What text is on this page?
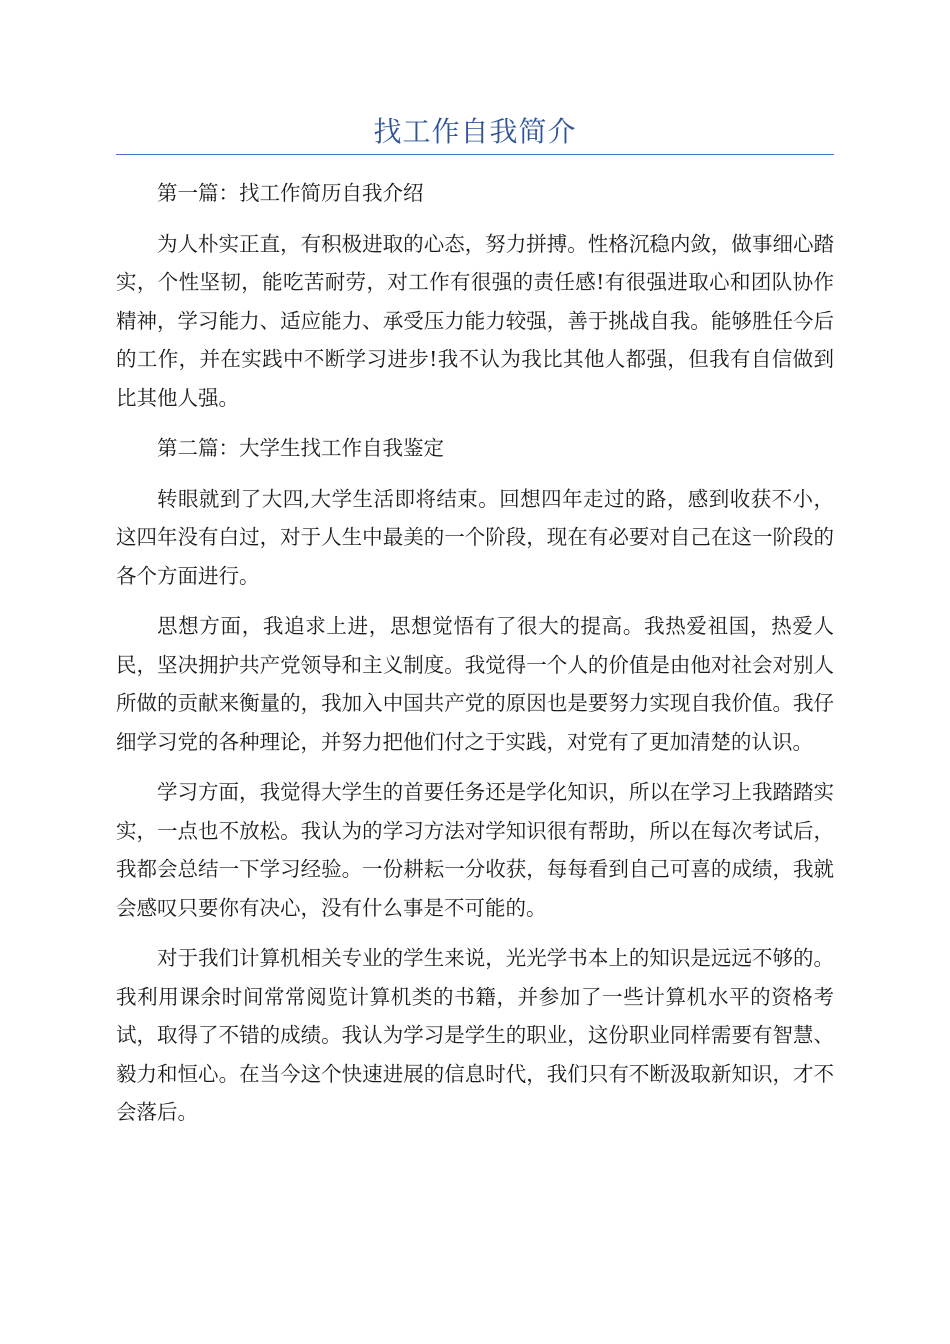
找工作自我简介

第一篇：找工作简历自我介绍

为人朴实正直，有积极进取的心态，努力拼搏。性格沉稳内敛，做事细心踏实，个性坚韧，能吃苦耐劳，对工作有很强的责任感!有很强进取心和团队协作精神，学习能力、适应能力、承受压力能力较强，善于挑战自我。能够胜任今后的工作，并在实践中不断学习进步!我不认为我比其他人都强，但我有自信做到比其他人强。

第二篇：大学生找工作自我鉴定

转眼就到了大四,大学生活即将结束。回想四年走过的路，感到收获不小，这四年没有白过，对于人生中最美的一个阶段，现在有必要对自己在这一阶段的各个方面进行。

思想方面，我追求上进，思想觉悟有了很大的提高。我热爱祖国，热爱人民，坚决拥护共产党领导和主义制度。我觉得一个人的价值是由他对社会对别人所做的贡献来衡量的，我加入中国共产党的原因也是要努力实现自我价值。我仔细学习党的各种理论，并努力把他们付之于实践，对党有了更加清楚的认识。

学习方面，我觉得大学生的首要任务还是学化知识，所以在学习上我踏踏实实，一点也不放松。我认为的学习方法对学知识很有帮助，所以在每次考试后，我都会总结一下学习经验。一份耕耘一分收获，每每看到自己可喜的成绩，我就会感叹只要你有决心，没有什么事是不可能的。

对于我们计算机相关专业的学生来说，光光学书本上的知识是远远不够的。我利用课余时间常常阅览计算机类的书籍，并参加了一些计算机水平的资格考试，取得了不错的成绩。我认为学习是学生的职业，这份职业同样需要有智慧、毅力和恒心。在当今这个快速进展的信息时代，我们只有不断汲取新知识，才不会落后。
